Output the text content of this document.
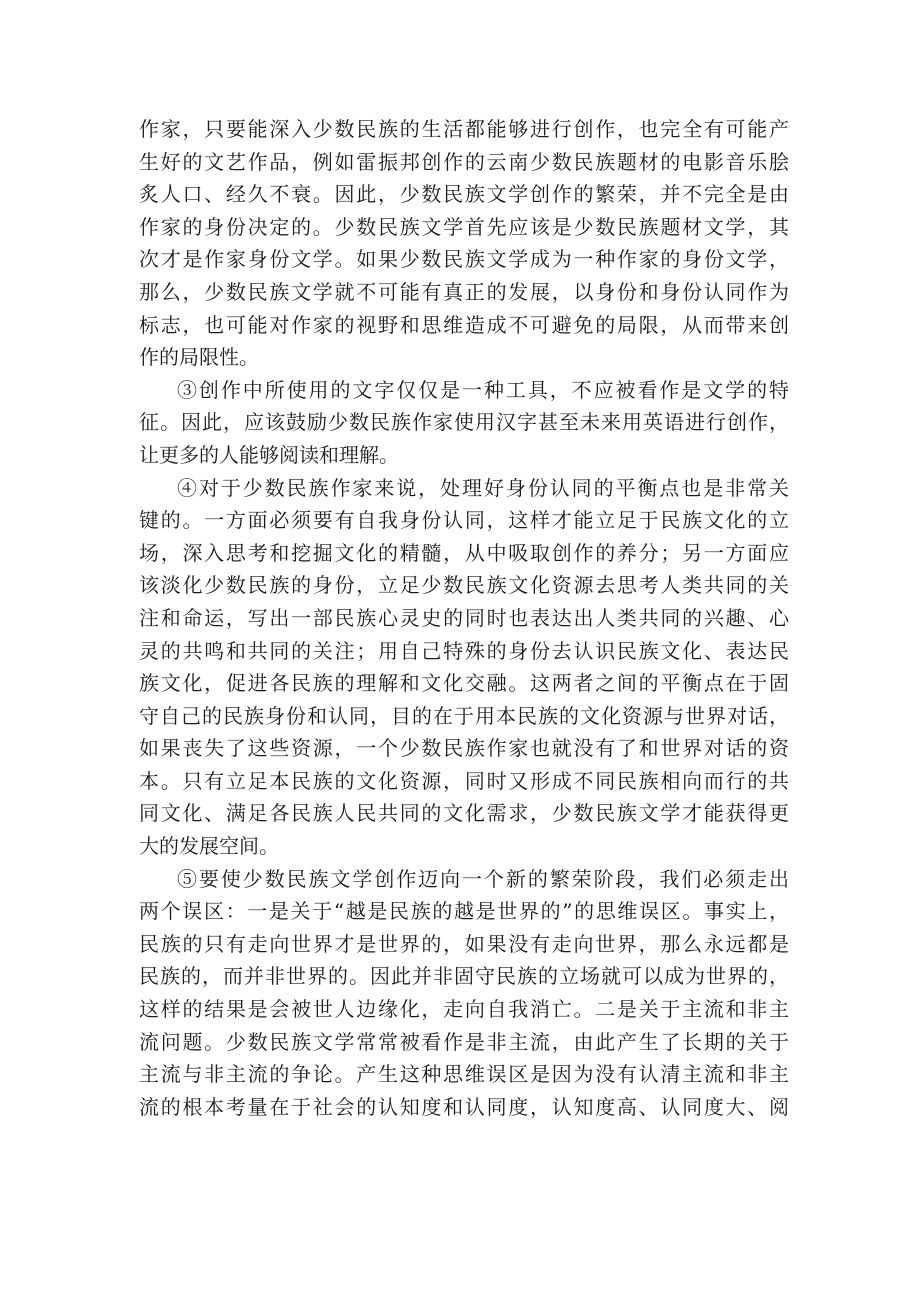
作家，只要能深入少数民族的生活都能够进行创作，也完全有可能产
生好的文艺作品，例如雷振邦创作的云南少数民族题材的电影音乐脍
炙人口、经久不衰。因此，少数民族文学创作的繁荣，并不完全是由
作家的身份决定的。少数民族文学首先应该是少数民族题材文学，其
次才是作家身份文学。如果少数民族文学成为一种作家的身份文学，
那么，少数民族文学就不可能有真正的发展，以身份和身份认同作为
标志，也可能对作家的视野和思维造成不可避免的局限，从而带来创
作的局限性。
③创作中所使用的文字仅仅是一种工具，不应被看作是文学的特
征。因此，应该鼓励少数民族作家使用汉字甚至未来用英语进行创作，
让更多的人能够阅读和理解。
④对于少数民族作家来说，处理好身份认同的平衡点也是非常关
键的。一方面必须要有自我身份认同，这样才能立足于民族文化的立
场，深入思考和挖掘文化的精髓，从中吸取创作的养分；另一方面应
该淡化少数民族的身份，立足少数民族文化资源去思考人类共同的关
注和命运，写出一部民族心灵史的同时也表达出人类共同的兴趣、心
灵的共鸣和共同的关注；用自己特殊的身份去认识民族文化、表达民
族文化，促进各民族的理解和文化交融。这两者之间的平衡点在于固
守自己的民族身份和认同，目的在于用本民族的文化资源与世界对话，
如果丧失了这些资源，一个少数民族作家也就没有了和世界对话的资
本。只有立足本民族的文化资源，同时又形成不同民族相向而行的共
同文化、满足各民族人民共同的文化需求，少数民族文学才能获得更
大的发展空间。
⑤要使少数民族文学创作迈向一个新的繁荣阶段，我们必须走出
两个误区：一是关于“越是民族的越是世界的”的思维误区。事实上，
民族的只有走向世界才是世界的，如果没有走向世界，那么永远都是
民族的，而并非世界的。因此并非固守民族的立场就可以成为世界的，
这样的结果是会被世人边缘化，走向自我消亡。二是关于主流和非主
流问题。少数民族文学常常被看作是非主流，由此产生了长期的关于
主流与非主流的争论。产生这种思维误区是因为没有认清主流和非主
流的根本考量在于社会的认知度和认同度，认知度高、认同度大、阅
